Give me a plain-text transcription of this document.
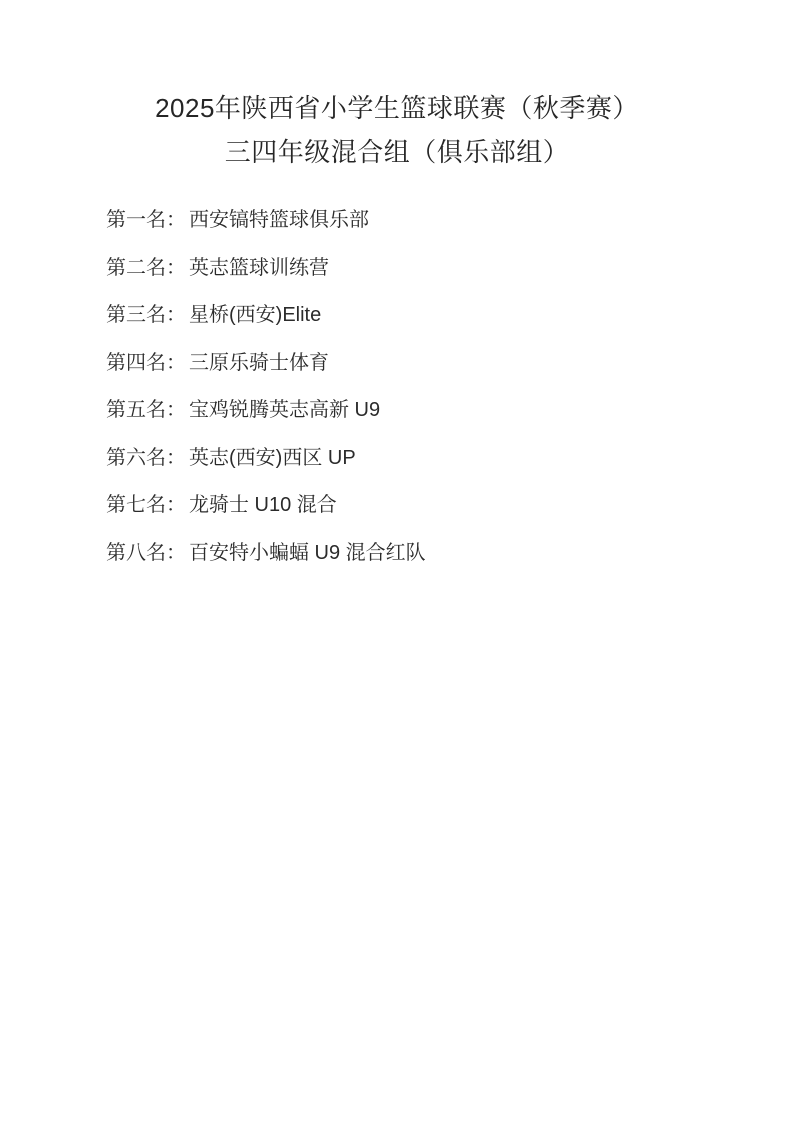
2025年陕西省小学生篮球联赛（秋季赛）
三四年级混合组（俱乐部组）
第一名： 西安镐特篮球俱乐部
第二名： 英志篮球训练营
第三名： 星桥(西安)Elite
第四名： 三原乐骑士体育
第五名： 宝鸡锐腾英志高新 U9
第六名： 英志(西安)西区 UP
第七名： 龙骑士 U10 混合
第八名： 百安特小蝙蝠 U9 混合红队
